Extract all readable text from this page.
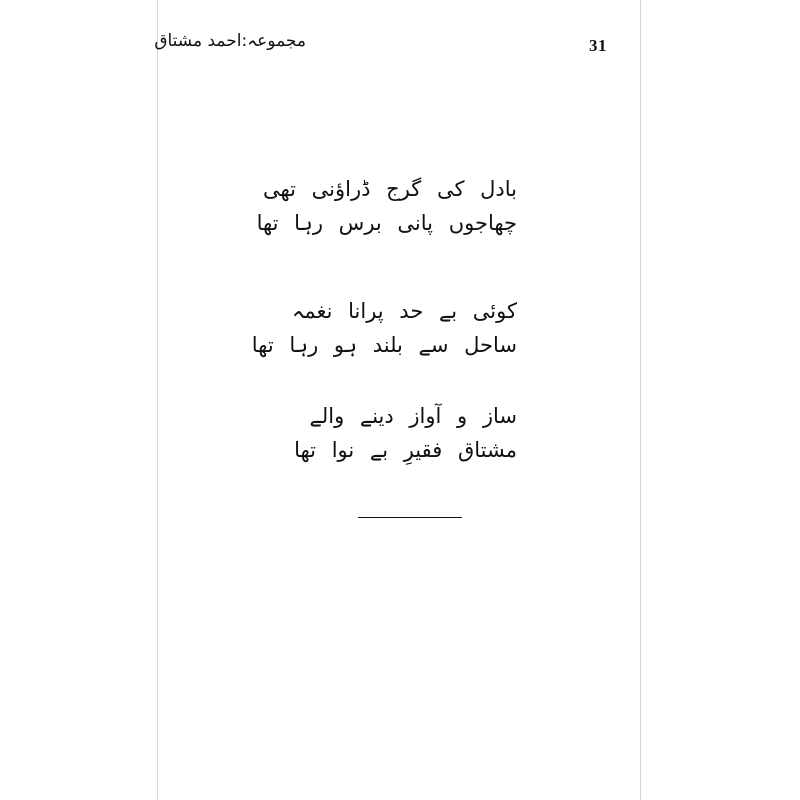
31
مجموعہ:احمد مشتاق
بادل کی گرج ڈراؤنی تھی
چھاجوں پانی برس رہا تھا
کوئی بے حد پرانا نغمہ
ساحل سے بلند ہو رہا تھا
ساز و آواز دینے والے
مشتاق فقیرِ بے نوا تھا
